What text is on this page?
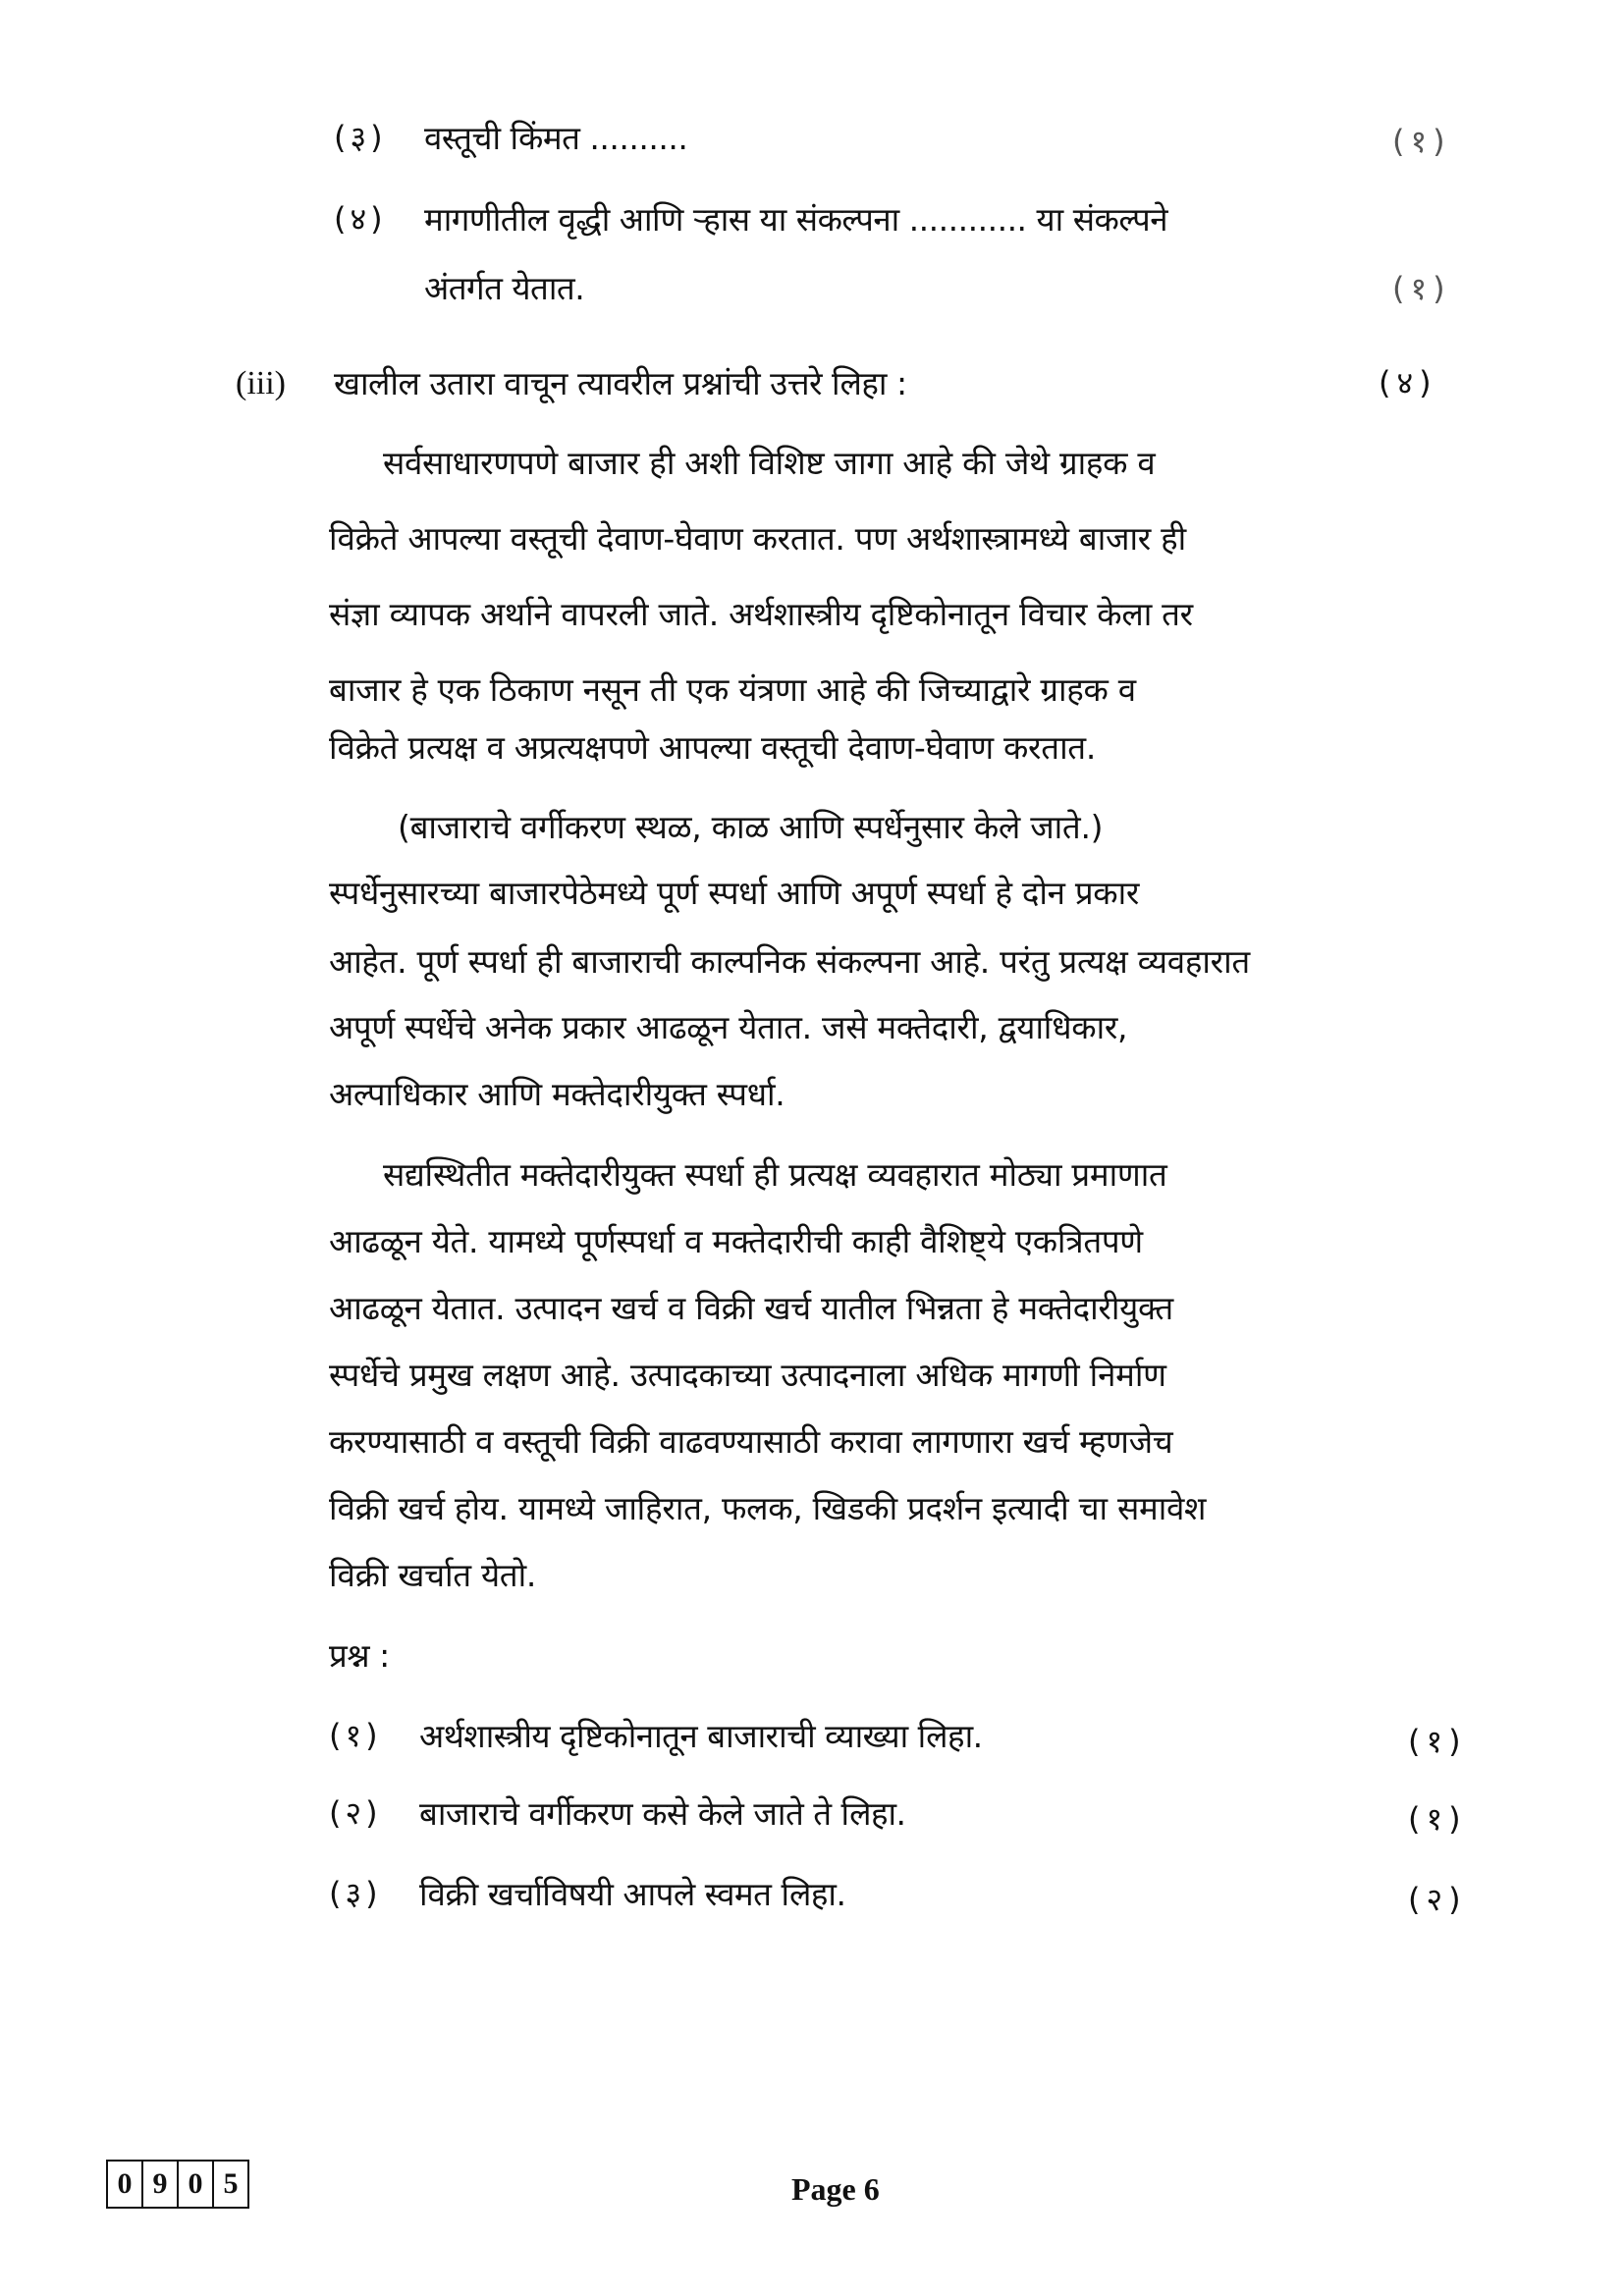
(३) वस्तूची किंमत ..........	(१)
(४) मागणीतील वृद्धी आणि ऱ्हास या संकल्पना ............ या संकल्पने
अंतर्गत येतात.	(१)
(iii) खालील उतारा वाचून त्यावरील प्रश्नांची उत्तरे लिहा :	(४)
सर्वसाधारणपणे बाजार ही अशी विशिष्ट जागा आहे की जेथे ग्राहक व
विक्रेते आपल्या वस्तूची देवाण-घेवाण करतात. पण अर्थशास्त्रामध्ये बाजार ही
संज्ञा व्यापक अर्थाने वापरली जाते. अर्थशास्त्रीय दृष्टिकोनातून विचार केला तर
बाजार हे एक ठिकाण नसून ती एक यंत्रणा आहे की जिच्याद्वारे ग्राहक व
विक्रेते प्रत्यक्ष व अप्रत्यक्षपणे आपल्या वस्तूची देवाण-घेवाण करतात.
(बाजाराचे वर्गीकरण स्थळ, काळ आणि स्पर्धेनुसार केले जाते.)
स्पर्धेनुसारच्या बाजारपेठेमध्ये पूर्ण स्पर्धा आणि अपूर्ण स्पर्धा हे दोन प्रकार
आहेत. पूर्ण स्पर्धा ही बाजाराची काल्पनिक संकल्पना आहे. परंतु प्रत्यक्ष व्यवहारात
अपूर्ण स्पर्धेचे अनेक प्रकार आढळून येतात. जसे मक्तेदारी, द्वयाधिकार,
अल्पाधिकार आणि मक्तेदारीयुक्त स्पर्धा.
सद्यस्थितीत मक्तेदारीयुक्त स्पर्धा ही प्रत्यक्ष व्यवहारात मोठ्या प्रमाणात
आढळून येते. यामध्ये पूर्णस्पर्धा व मक्तेदारीची काही वैशिष्ट्ये एकत्रितपणे
आढळून येतात. उत्पादन खर्च व विक्री खर्च यातील भिन्नता हे मक्तेदारीयुक्त
स्पर्धेचे प्रमुख लक्षण आहे. उत्पादकाच्या उत्पादनाला अधिक मागणी निर्माण
करण्यासाठी व वस्तूची विक्री वाढवण्यासाठी करावा लागणारा खर्च म्हणजेच
विक्री खर्च होय. यामध्ये जाहिरात, फलक, खिडकी प्रदर्शन इत्यादी चा समावेश
विक्री खर्चात येतो.
प्रश्न :
(१) अर्थशास्त्रीय दृष्टिकोनातून बाजाराची व्याख्या लिहा.	(१)
(२) बाजाराचे वर्गीकरण कसे केले जाते ते लिहा.	(१)
(३) विक्री खर्चाविषयी आपले स्वमत लिहा.	(२)
0 9 0 5	Page 6
